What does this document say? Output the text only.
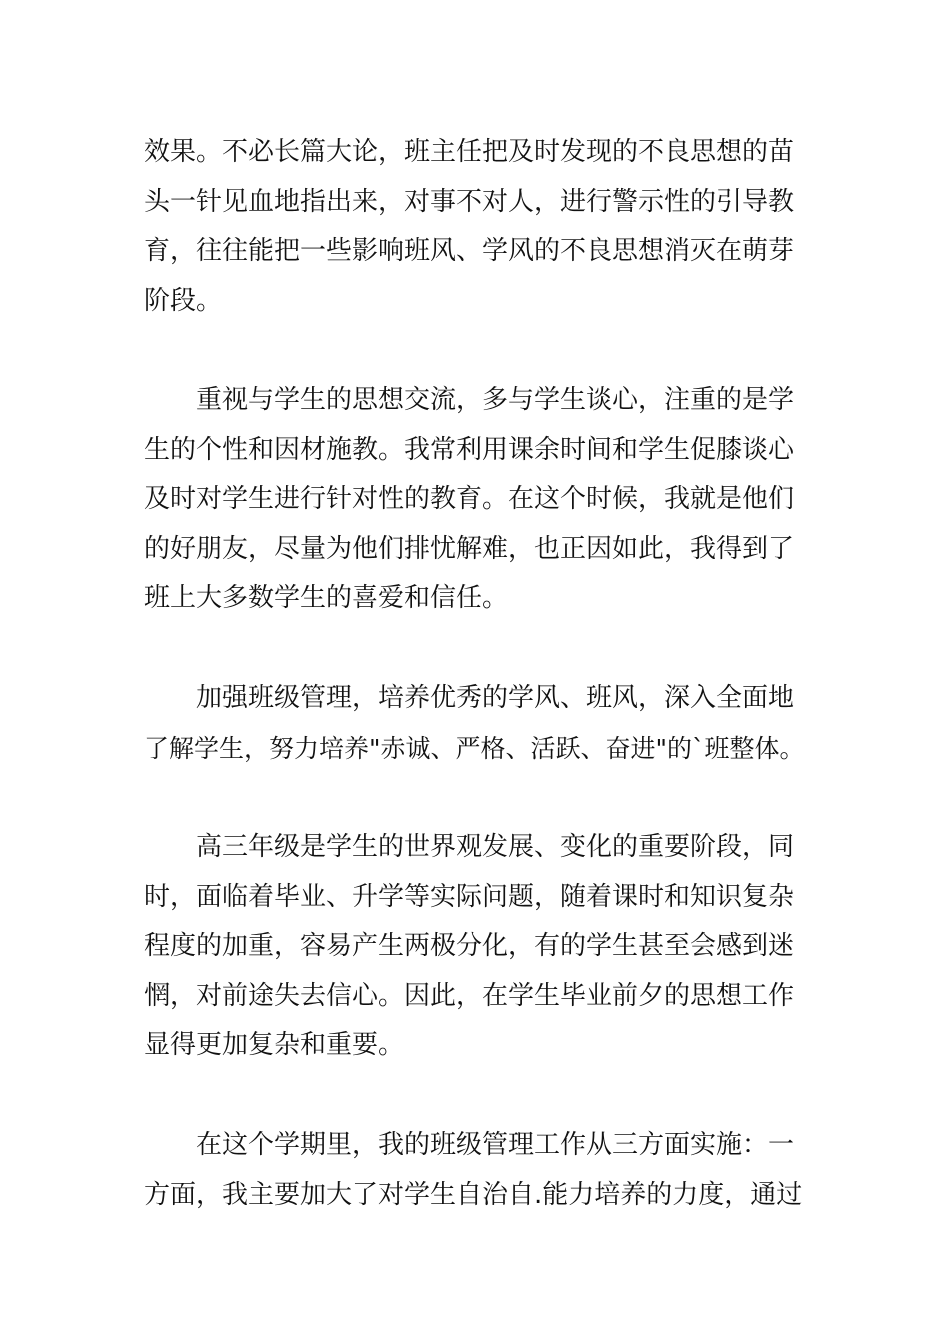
效果。不必长篇大论，班主任把及时发现的不良思想的苗
头一针见血地指出来，对事不对人，进行警示性的引导教
育，往往能把一些影响班风、学风的不良思想消灭在萌芽
阶段。
　　重视与学生的思想交流，多与学生谈心，注重的是学
生的个性和因材施教。我常利用课余时间和学生促膝谈心
及时对学生进行针对性的教育。在这个时候，我就是他们
的好朋友，尽量为他们排忧解难，也正因如此，我得到了
班上大多数学生的喜爱和信任。
　　加强班级管理，培养优秀的学风、班风，深入全面地
了解学生，努力培养"赤诚、严格、活跃、奋进"的`班整体。
　　高三年级是学生的世界观发展、变化的重要阶段，同
时，面临着毕业、升学等实际问题，随着课时和知识复杂
程度的加重，容易产生两极分化，有的学生甚至会感到迷
惘，对前途失去信心。因此，在学生毕业前夕的思想工作
显得更加复杂和重要。
　　在这个学期里，我的班级管理工作从三方面实施：一
方面，我主要加大了对学生自治自.能力培养的力度，通过
